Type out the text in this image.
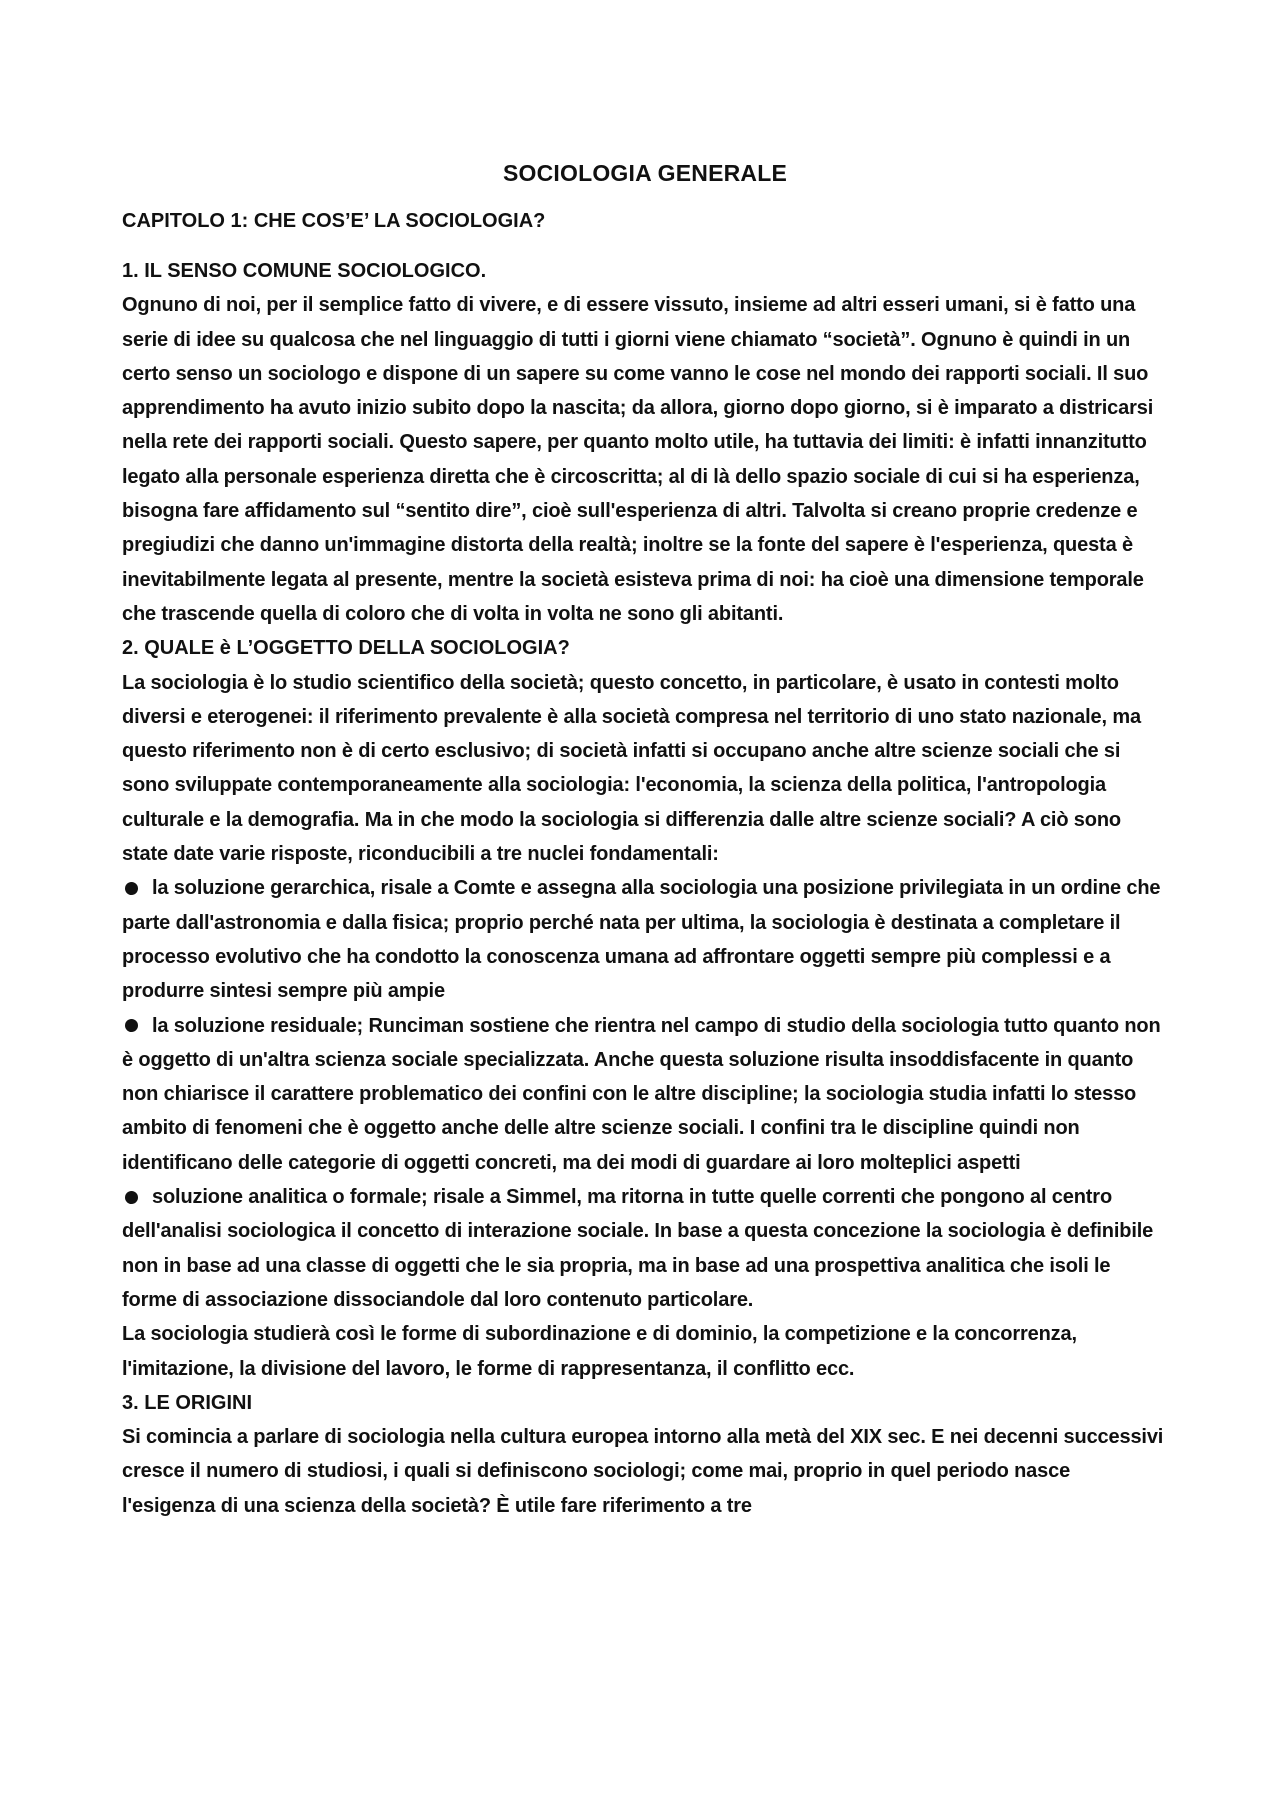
SOCIOLOGIA GENERALE
CAPITOLO 1: CHE COS’E’ LA SOCIOLOGIA?
1. IL SENSO COMUNE SOCIOLOGICO.

Ognuno di noi, per il semplice fatto di vivere, e di essere vissuto, insieme ad altri esseri umani, si è fatto una serie di idee su qualcosa che nel linguaggio di tutti i giorni viene chiamato “società”. Ognuno è quindi in un certo senso un sociologo e dispone di un sapere su come vanno le cose nel mondo dei rapporti sociali. Il suo apprendimento ha avuto inizio subito dopo la nascita; da allora, giorno dopo giorno, si è imparato a districarsi nella rete dei rapporti sociali. Questo sapere, per quanto molto utile, ha tuttavia dei limiti: è infatti innanzitutto legato alla personale esperienza diretta che è circoscritta; al di là dello spazio sociale di cui si ha esperienza, bisogna fare affidamento sul “sentito dire”, cioè sull'esperienza di altri. Talvolta si creano proprie credenze e pregiudizi che danno un'immagine distorta della realtà; inoltre se la fonte del sapere è l'esperienza, questa è inevitabilmente legata al presente, mentre la società esisteva prima di noi: ha cioè una dimensione temporale che trascende quella di coloro che di volta in volta ne sono gli abitanti.

2. QUALE è L’OGGETTO DELLA SOCIOLOGIA?

La sociologia è lo studio scientifico della società; questo concetto, in particolare, è usato in contesti molto diversi e eterogenei: il riferimento prevalente è alla società compresa nel territorio di uno stato nazionale, ma questo riferimento non è di certo esclusivo; di società infatti si occupano anche altre scienze sociali che si sono sviluppate contemporaneamente alla sociologia: l'economia, la scienza della politica, l'antropologia culturale e la demografia. Ma in che modo la sociologia si differenzia dalle altre scienze sociali? A ciò sono state date varie risposte, riconducibili a tre nuclei fondamentali:

la soluzione gerarchica, risale a Comte e assegna alla sociologia una posizione privilegiata in un ordine che parte dall'astronomia e dalla fisica; proprio perché nata per ultima, la sociologia è destinata a completare il processo evolutivo che ha condotto la conoscenza umana ad affrontare oggetti sempre più complessi e a produrre sintesi sempre più ampie
la soluzione residuale; Runciman sostiene che rientra nel campo di studio della sociologia tutto quanto non è oggetto di un'altra scienza sociale specializzata. Anche questa soluzione risulta insoddisfacente in quanto non chiarisce il carattere problematico dei confini con le altre discipline; la sociologia studia infatti lo stesso ambito di fenomeni che è oggetto anche delle altre scienze sociali. I confini tra le discipline quindi non identificano delle categorie di oggetti concreti, ma dei modi di guardare ai loro molteplici aspetti
soluzione analitica o formale; risale a Simmel, ma ritorna in tutte quelle correnti che pongono al centro dell'analisi sociologica il concetto di interazione sociale. In base a questa concezione la sociologia è definibile non in base ad una classe di oggetti che le sia propria, ma in base ad una prospettiva analitica che isoli le forme di associazione dissociandole dal loro contenuto particolare.

La sociologia studierà così le forme di subordinazione e di dominio, la competizione e la concorrenza, l'imitazione, la divisione del lavoro, le forme di rappresentanza, il conflitto ecc.

3. LE ORIGINI

Si comincia a parlare di sociologia nella cultura europea intorno alla metà del XIX sec. E nei decenni successivi cresce il numero di studiosi, i quali si definiscono sociologi; come mai, proprio in quel periodo nasce l'esigenza di una scienza della società? È utile fare riferimento a tre
